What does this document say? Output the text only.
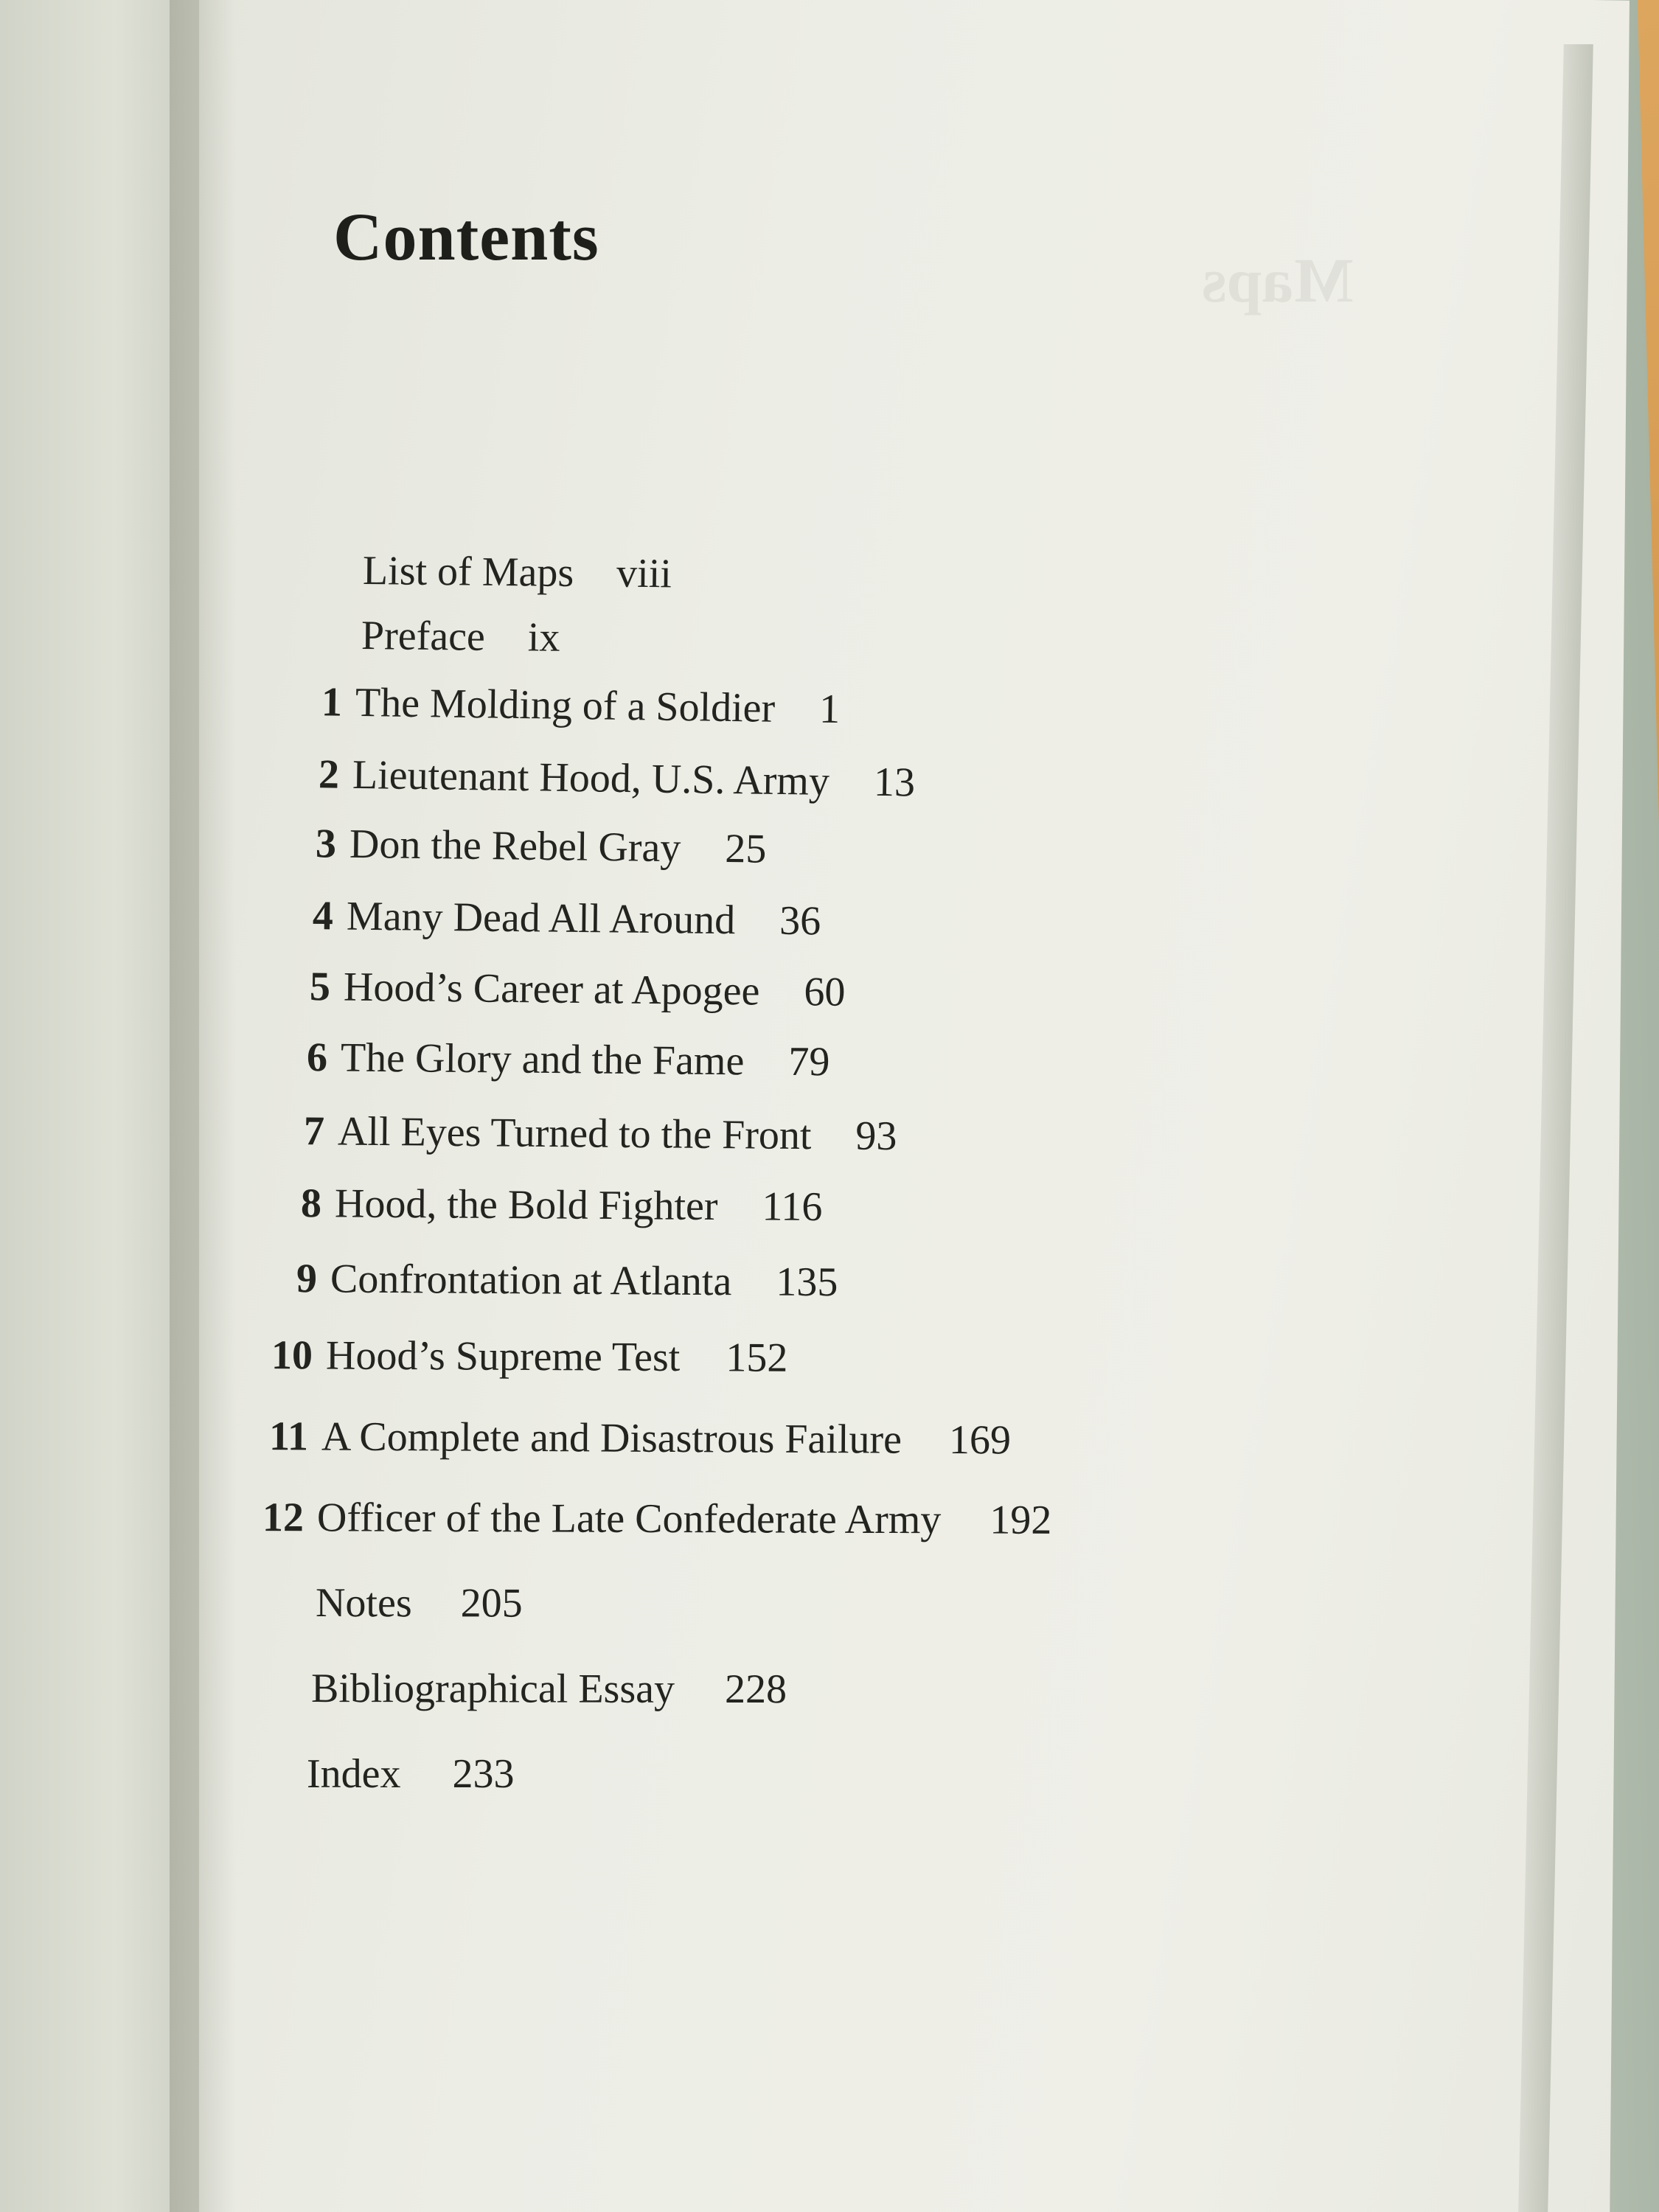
Maps
Contents
List of Maps viii
Preface ix
1 The Molding of a Soldier 1
2 Lieutenant Hood, U.S. Army 13
3 Don the Rebel Gray 25
4 Many Dead All Around 36
5 Hood’s Career at Apogee 60
6 The Glory and the Fame 79
7 All Eyes Turned to the Front 93
8 Hood, the Bold Fighter 116
9 Confrontation at Atlanta 135
10 Hood’s Supreme Test 152
11 A Complete and Disastrous Failure 169
12 Officer of the Late Confederate Army 192
Notes 205
Bibliographical Essay 228
Index 233
